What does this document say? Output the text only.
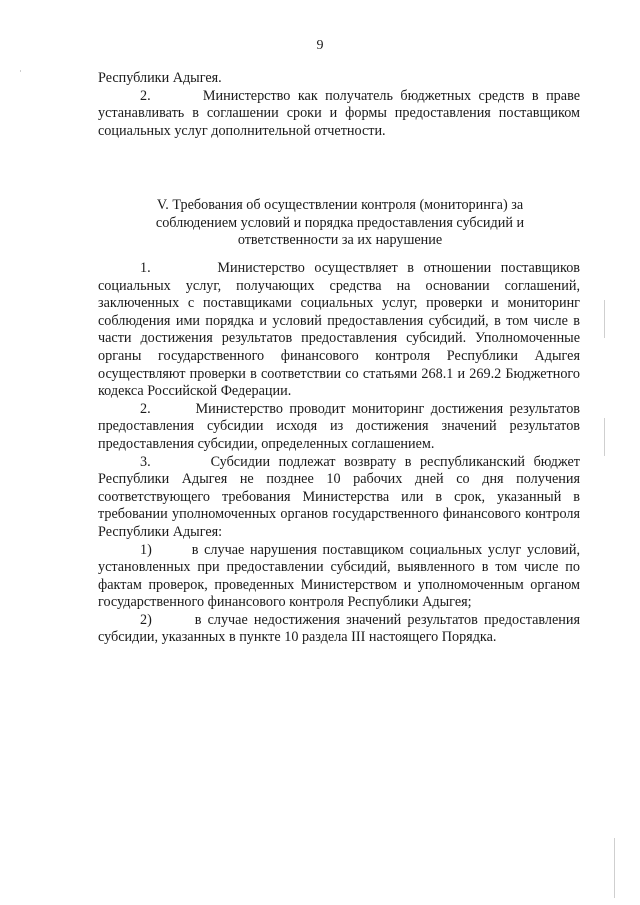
9

Республики Адыгея.

2.       Министерство как получатель бюджетных средств в праве устанавливать в соглашении сроки и формы предоставления поставщиком социальных услуг дополнительной отчетности.

V. Требования об осуществлении контроля (мониторинга) за соблюдением условий и порядка предоставления субсидий и ответственности за их нарушение

1.       Министерство осуществляет в отношении поставщиков социальных услуг, получающих средства на основании соглашений, заключенных с поставщиками социальных услуг, проверки и мониторинг соблюдения ими порядка и условий предоставления субсидий, в том числе в части достижения результатов предоставления субсидий. Уполномоченные органы государственного финансового контроля Республики Адыгея осуществляют проверки в соответствии со статьями 268.1 и 269.2 Бюджетного кодекса Российской Федерации.

2.       Министерство проводит мониторинг достижения результатов предоставления субсидии исходя из достижения значений результатов предоставления субсидии, определенных соглашением.

3.       Субсидии подлежат возврату в республиканский бюджет Республики Адыгея не позднее 10 рабочих дней со дня получения соответствующего требования Министерства или в срок, указанный в требовании уполномоченных органов государственного финансового контроля Республики Адыгея:

1)       в случае нарушения поставщиком социальных услуг условий, установленных при предоставлении субсидий, выявленного в том числе по фактам проверок, проведенных Министерством и уполномоченным органом государственного финансового контроля Республики Адыгея;

2)       в случае недостижения значений результатов предоставления субсидии, указанных в пункте 10 раздела III настоящего Порядка.
